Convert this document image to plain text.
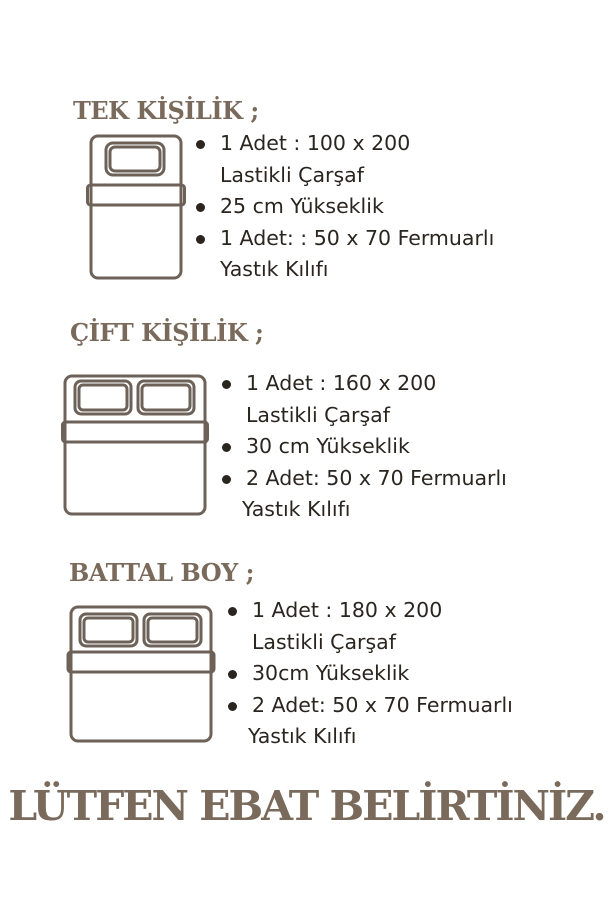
TEK KİŞİLİK ;
1 Adet : 100 x 200
Lastikli Çarşaf
25 cm Yükseklik
1 Adet: : 50 x 70 Fermuarlı
Yastık Kılıfı
ÇİFT KİŞİLİK ;
1 Adet : 160 x 200
Lastikli Çarşaf
30 cm Yükseklik
2 Adet: 50 x 70 Fermuarlı
Yastık Kılıfı
BATTAL BOY ;
1 Adet : 180 x 200
Lastikli Çarşaf
30cm Yükseklik
2 Adet: 50 x 70 Fermuarlı
Yastık Kılıfı
LÜTFEN EBAT BELİRTİNİZ.
